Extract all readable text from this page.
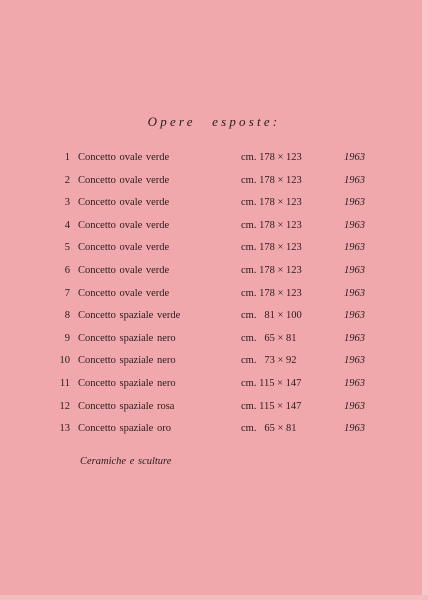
Opere esposte:
1 Concetto ovale verde	cm. 178 × 123	1963
2 Concetto ovale verde	cm. 178 × 123	1963
3 Concetto ovale verde	cm. 178 × 123	1963
4 Concetto ovale verde	cm. 178 × 123	1963
5 Concetto ovale verde	cm. 178 × 123	1963
6 Concetto ovale verde	cm. 178 × 123	1963
7 Concetto ovale verde	cm. 178 × 123	1963
8 Concetto spaziale verde	cm.   81 × 100	1963
9 Concetto spaziale nero	cm.   65 × 81	1963
10 Concetto spaziale nero	cm.   73 × 92	1963
11 Concetto spaziale nero	cm. 115 × 147	1963
12 Concetto spaziale rosa	cm. 115 × 147	1963
13 Concetto spaziale oro	cm.   65 × 81	1963
Ceramiche e sculture
